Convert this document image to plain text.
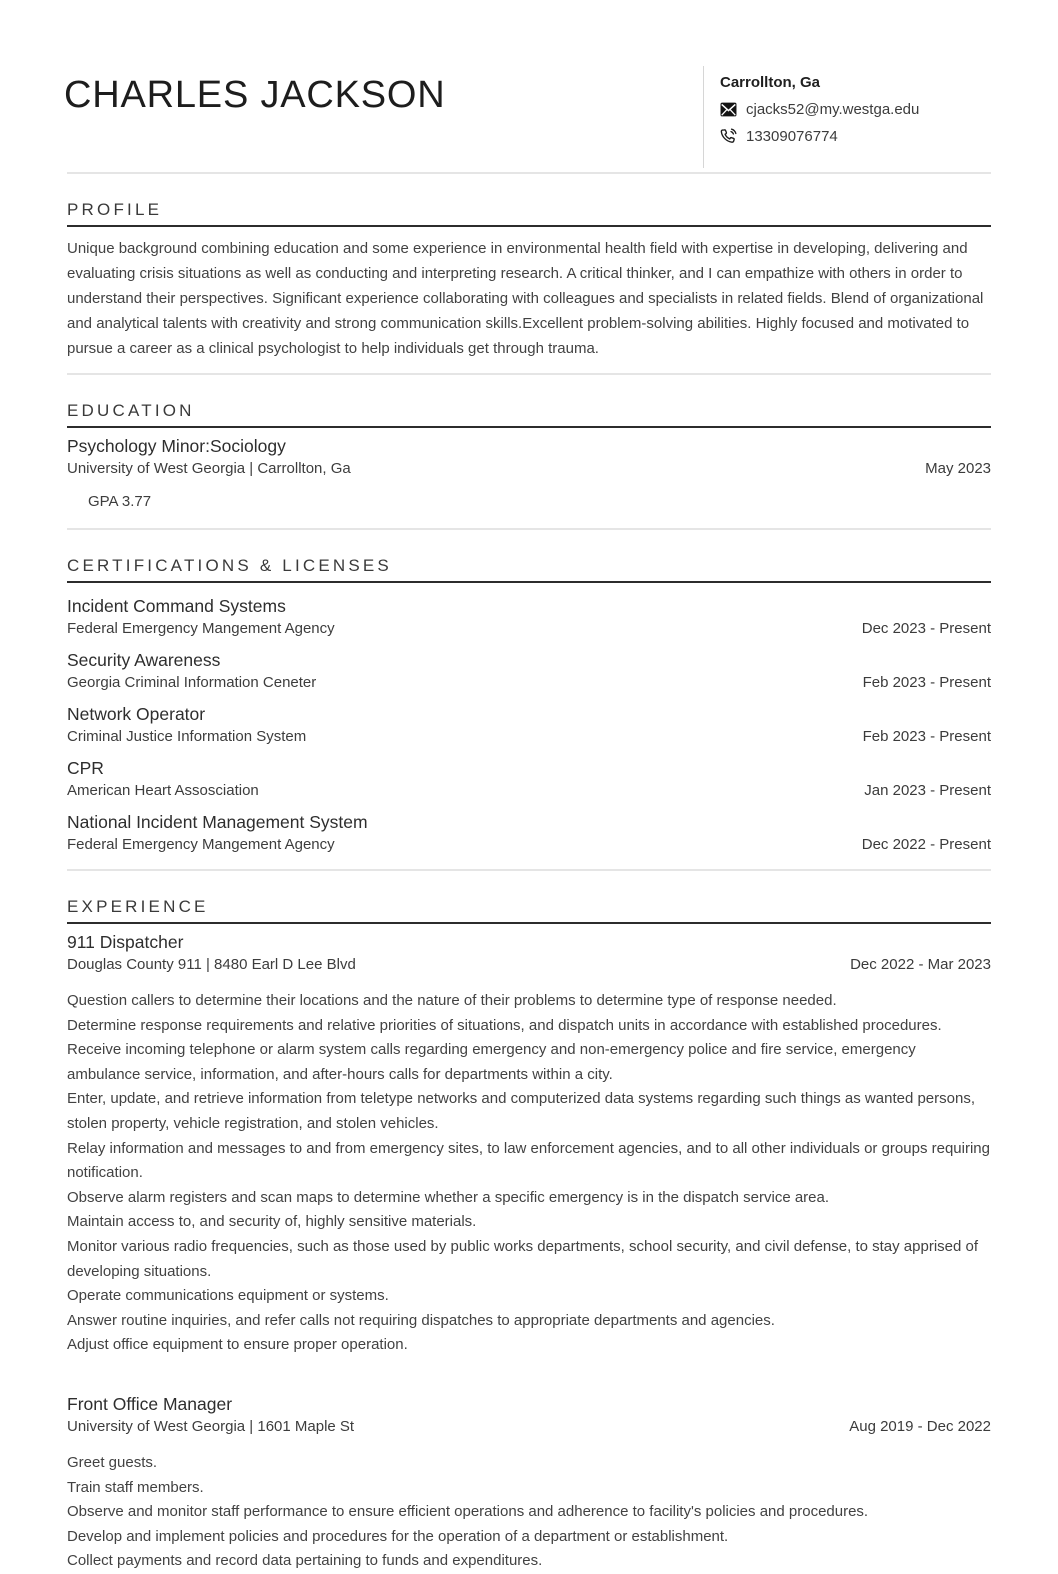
CHARLES JACKSON	Carrollton, Ga
cjacks52@my.westga.edu
13309076774
PROFILE

Unique background combining education and some experience in environmental health field with expertise in developing, delivering and evaluating crisis situations as well as conducting and interpreting research. A critical thinker, and I can empathize with others in order to understand their perspectives. Significant experience collaborating with colleagues and specialists in related fields. Blend of organizational and analytical talents with creativity and strong communication skills.Excellent problem-solving abilities. Highly focused and motivated to pursue a career as a clinical psychologist to help individuals get through trauma.

EDUCATION
Psychology Minor:Sociology
University of West Georgia | Carrollton, Ga	May 2023
GPA 3.77
CERTIFICATIONS & LICENSES
Incident Command Systems
Federal Emergency Mangement Agency	Dec 2023 - Present
Security Awareness
Georgia Criminal Information Ceneter	Feb 2023 - Present
Network Operator
Criminal Justice Information System	Feb 2023 - Present
CPR
American Heart Assosciation	Jan 2023 - Present
National Incident Management System
Federal Emergency Mangement Agency	Dec 2022 - Present
EXPERIENCE
911 Dispatcher
Douglas County 911 | 8480 Earl D Lee Blvd	Dec 2022 - Mar 2023

Question callers to determine their locations and the nature of their problems to determine type of response needed.

Determine response requirements and relative priorities of situations, and dispatch units in accordance with established procedures.

Receive incoming telephone or alarm system calls regarding emergency and non-emergency police and fire service, emergency ambulance service, information, and after-hours calls for departments within a city.

Enter, update, and retrieve information from teletype networks and computerized data systems regarding such things as wanted persons, stolen property, vehicle registration, and stolen vehicles.

Relay information and messages to and from emergency sites, to law enforcement agencies, and to all other individuals or groups requiring notification.

Observe alarm registers and scan maps to determine whether a specific emergency is in the dispatch service area.

Maintain access to, and security of, highly sensitive materials.

Monitor various radio frequencies, such as those used by public works departments, school security, and civil defense, to stay apprised of developing situations.

Operate communications equipment or systems.

Answer routine inquiries, and refer calls not requiring dispatches to appropriate departments and agencies.

Adjust office equipment to ensure proper operation.

Front Office Manager
University of West Georgia | 1601 Maple St	Aug 2019 - Dec 2022

Greet guests.

Train staff members.

Observe and monitor staff performance to ensure efficient operations and adherence to facility's policies and procedures.

Develop and implement policies and procedures for the operation of a department or establishment.

Collect payments and record data pertaining to funds and expenditures.
